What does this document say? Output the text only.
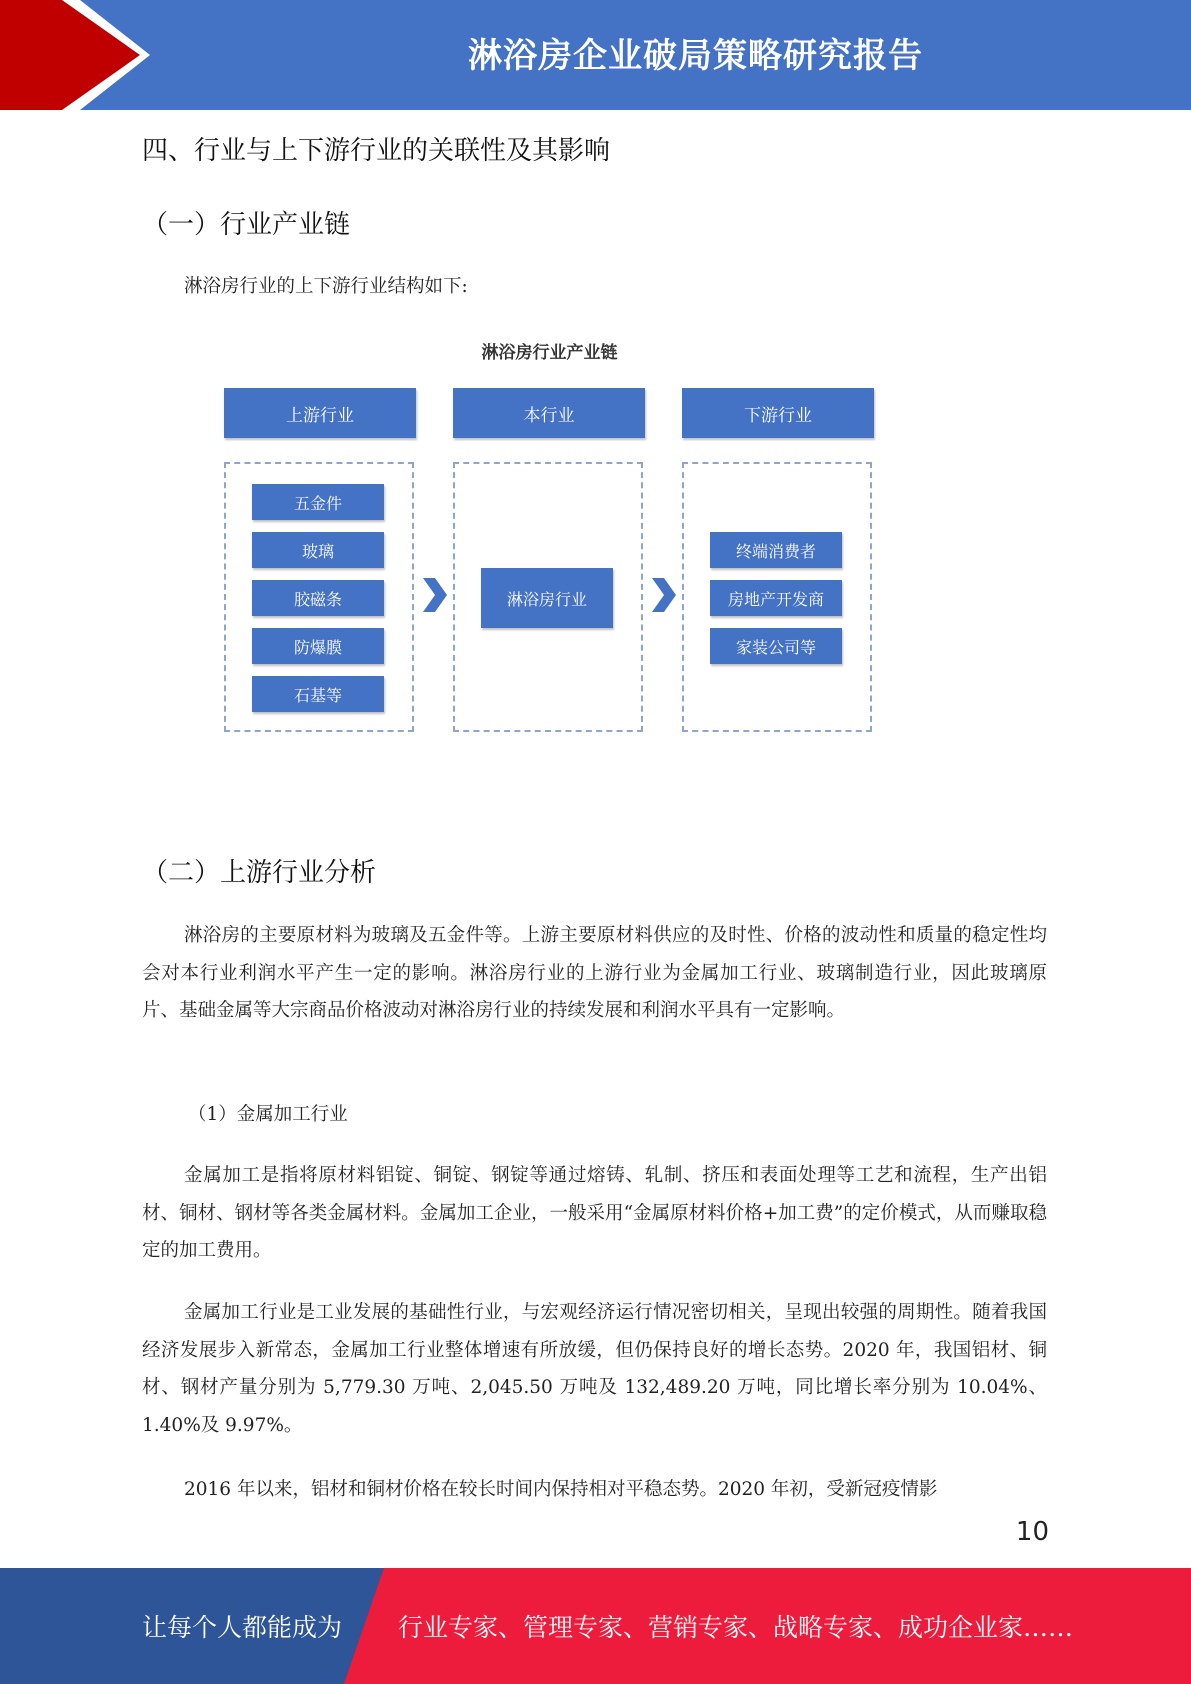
淋浴房企业破局策略研究报告
四、行业与上下游行业的关联性及其影响
（一）行业产业链

淋浴房行业的上下游行业结构如下:

淋浴房行业产业链
上游行业	本行业	下游行业
五金件
玻璃
胶磁条
防爆膜
石基等
淋浴房行业
终端消费者
房地产开发商
家装公司等
（二）上游行业分析

淋浴房的主要原材料为玻璃及五金件等。上游主要原材料供应的及时性、价格的波动性和质量的稳定性均会对本行业利润水平产生一定的影响。淋浴房行业的上游行业为金属加工行业、玻璃制造行业，因此玻璃原片、基础金属等大宗商品价格波动对淋浴房行业的持续发展和利润水平具有一定影响。

（1）金属加工行业

金属加工是指将原材料铝锭、铜锭、钢锭等通过熔铸、轧制、挤压和表面处理等工艺和流程，生产出铝材、铜材、钢材等各类金属材料。金属加工企业，一般采用“金属原材料价格+加工费”的定价模式，从而赚取稳定的加工费用。

金属加工行业是工业发展的基础性行业，与宏观经济运行情况密切相关，呈现出较强的周期性。随着我国经济发展步入新常态，金属加工行业整体增速有所放缓，但仍保持良好的增长态势。2020 年，我国铝材、铜材、钢材产量分别为 5,779.30 万吨、2,045.50 万吨及 132,489.20 万吨，同比增长率分别为 10.04%、1.40%及 9.97%。

2016 年以来，铝材和铜材价格在较长时间内保持相对平稳态势。2020 年初，受新冠疫情影

10
让每个人都能成为 行业专家、管理专家、营销专家、战略专家、成功企业家……
